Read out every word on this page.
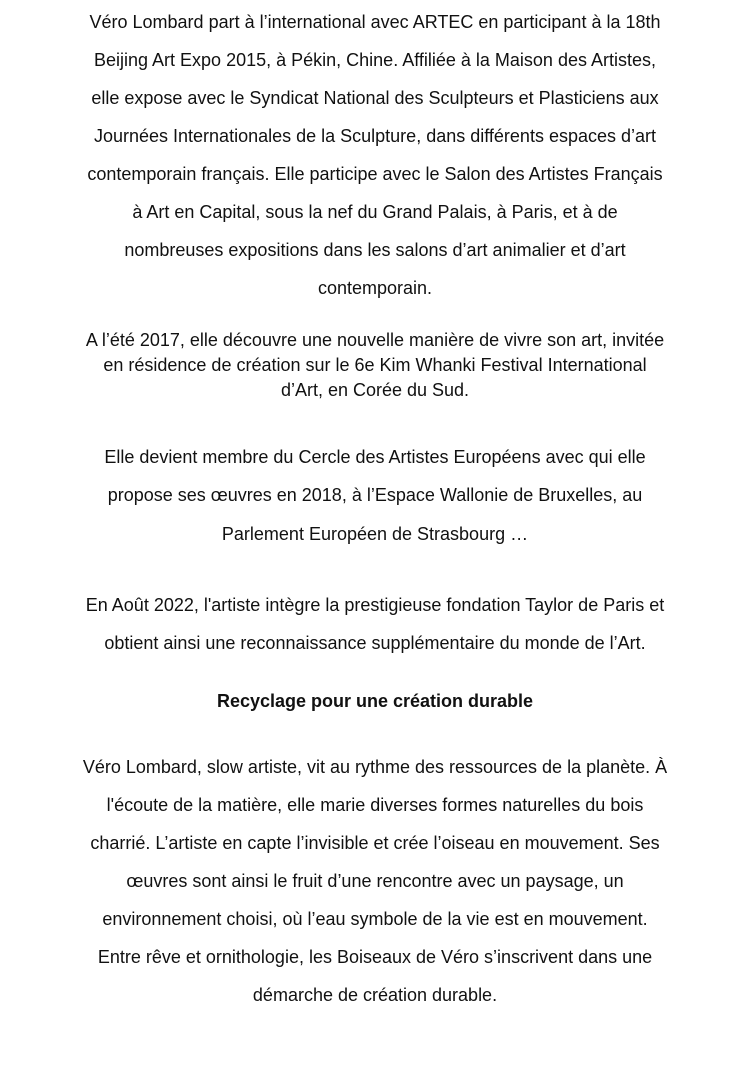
Véro Lombard part à l’international avec ARTEC en participant à la 18th
Beijing Art Expo 2015, à Pékin, Chine. Affiliée à la Maison des Artistes,
elle expose avec le Syndicat National des Sculpteurs et Plasticiens aux
Journées Internationales de la Sculpture, dans différents espaces d’art
contemporain français. Elle participe avec le Salon des Artistes Français
à Art en Capital, sous la nef du Grand Palais, à Paris, et à de
nombreuses expositions dans les salons d’art animalier et d’art
contemporain.
A l’été 2017, elle découvre une nouvelle manière de vivre son art, invitée
en résidence de création sur le 6e Kim Whanki Festival International
d’Art, en Corée du Sud.
Elle devient membre du Cercle des Artistes Européens avec qui elle
propose ses œuvres en 2018, à l’Espace Wallonie de Bruxelles, au
Parlement Européen de Strasbourg …
En Août 2022, l'artiste intègre la prestigieuse fondation Taylor de Paris et
obtient ainsi une reconnaissance supplémentaire du monde de l’Art.
Recyclage pour une création durable
Véro Lombard, slow artiste, vit au rythme des ressources de la planète. À
l'écoute de la matière, elle marie diverses formes naturelles du bois
charrié. L’artiste en capte l’invisible et crée l’oiseau en mouvement. Ses
œuvres sont ainsi le fruit d’une rencontre avec un paysage, un
environnement choisi, où l’eau symbole de la vie est en mouvement.
Entre rêve et ornithologie, les Boiseaux de Véro s’inscrivent dans une
démarche de création durable.
